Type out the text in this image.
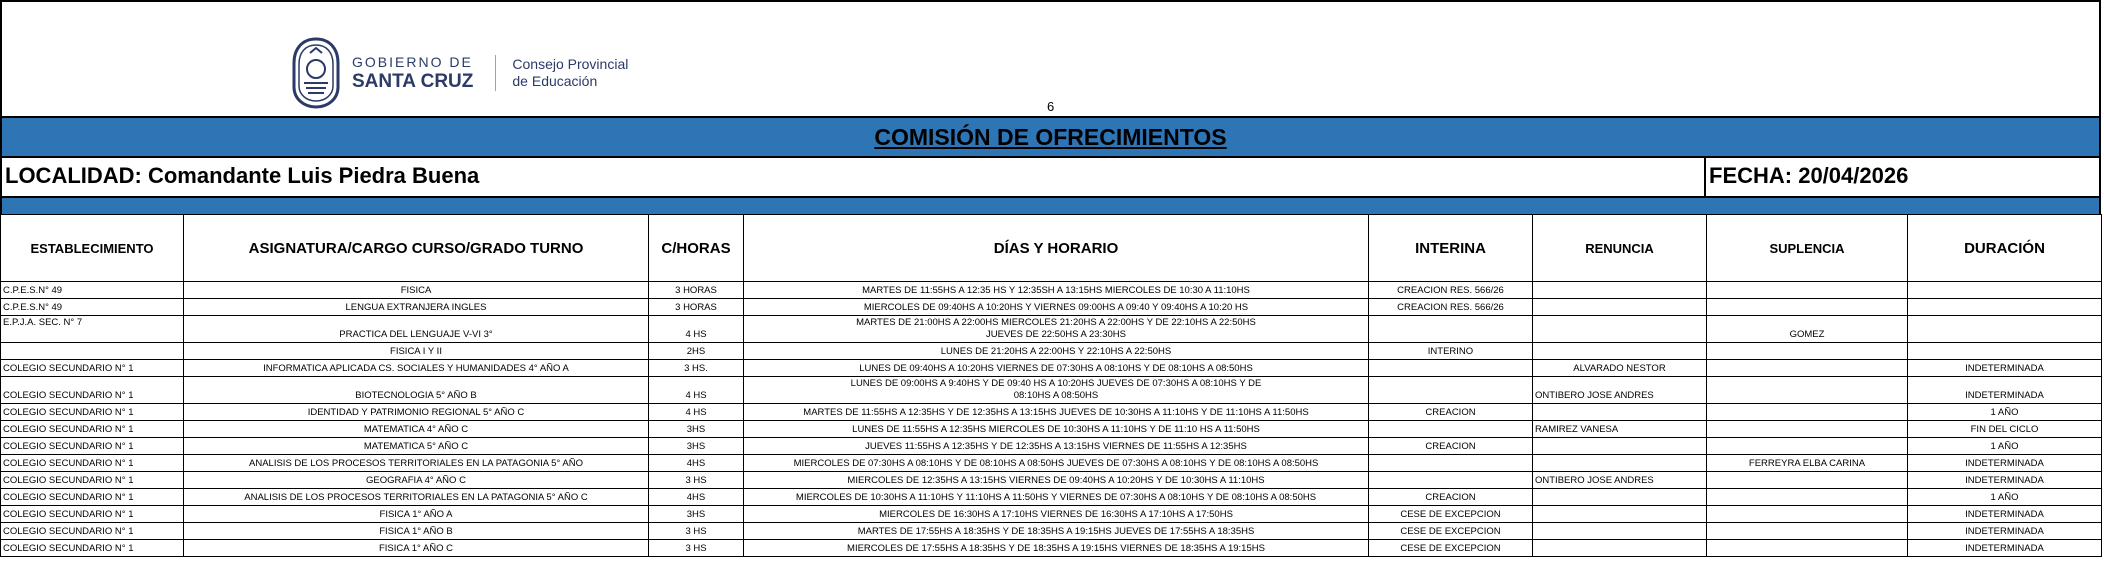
GOBIERNO DE
SANTA CRUZ
Consejo Provincial
de Educación
6
COMISIÓN DE OFRECIMIENTOS
LOCALIDAD: Comandante Luis Piedra Buena	FECHA: 20/04/2026
ESTABLECIMIENTO	ASIGNATURA/CARGO CURSO/GRADO TURNO	C/HORAS	DÍAS Y HORARIO	INTERINA	RENUNCIA	SUPLENCIA	DURACIÓN
C.P.E.S.N° 49	FISICA	3 HORAS	MARTES DE 11:55HS A 12:35 HS Y 12:35SH A 13:15HS MIERCOLES DE 10:30 A 11:10HS	CREACION RES. 566/26			
C.P.E.S.N° 49	LENGUA EXTRANJERA INGLES	3 HORAS	MIERCOLES DE 09:40HS A 10:20HS Y VIERNES 09:00HS A 09:40 Y 09:40HS A 10:20 HS	CREACION RES. 566/26			
E.P.J.A. SEC. N° 7	PRACTICA DEL LENGUAJE V-VI 3°	4 HS	MARTES DE 21:00HS A 22:00HS MIERCOLES 21:20HS A 22:00HS Y DE 22:10HS A 22:50HS JUEVES DE 22:50HS A 23:30HS			GOMEZ	
	FISICA I Y II	2HS	LUNES DE 21:20HS A 22:00HS Y 22:10HS A 22:50HS	INTERINO			
COLEGIO SECUNDARIO N° 1	INFORMATICA APLICADA CS. SOCIALES Y HUMANIDADES 4° AÑO A	3 HS.	LUNES DE 09:40HS A 10:20HS VIERNES DE 07:30HS A 08:10HS Y DE 08:10HS A 08:50HS		ALVARADO NESTOR		INDETERMINADA
COLEGIO SECUNDARIO N° 1	BIOTECNOLOGIA 5° AÑO B	4 HS	LUNES DE 09:00HS A 9:40HS Y DE 09:40 HS A 10:20HS JUEVES DE 07:30HS A 08:10HS Y DE 08:10HS A 08:50HS		ONTIBERO JOSE ANDRES		INDETERMINADA
COLEGIO SECUNDARIO N° 1	IDENTIDAD Y PATRIMONIO REGIONAL 5° AÑO C	4 HS	MARTES DE 11:55HS A 12:35HS Y DE 12:35HS A 13:15HS JUEVES DE 10:30HS A 11:10HS Y DE 11:10HS A 11:50HS	CREACION			1 AÑO
COLEGIO SECUNDARIO N° 1	MATEMATICA 4° AÑO C	3HS	LUNES DE 11:55HS A 12:35HS MIERCOLES DE 10:30HS A 11:10HS Y DE 11:10 HS A 11:50HS		RAMIREZ VANESA		FIN DEL CICLO
COLEGIO SECUNDARIO N° 1	MATEMATICA 5° AÑO C	3HS	JUEVES 11:55HS A 12:35HS Y DE 12:35HS A 13:15HS VIERNES DE 11:55HS A 12:35HS	CREACION			1 AÑO
COLEGIO SECUNDARIO N° 1	ANALISIS DE LOS PROCESOS TERRITORIALES EN LA PATAGONIA 5° AÑO	4HS	MIERCOLES DE 07:30HS A 08:10HS Y DE 08:10HS A 08:50HS JUEVES DE 07:30HS A 08:10HS Y DE 08:10HS A 08:50HS			FERREYRA ELBA CARINA	INDETERMINADA
COLEGIO SECUNDARIO N° 1	GEOGRAFIA 4° AÑO C	3 HS	MIERCOLES DE 12:35HS A 13:15HS VIERNES DE 09:40HS A 10:20HS Y DE 10:30HS A 11:10HS		ONTIBERO JOSE ANDRES		INDETERMINADA
COLEGIO SECUNDARIO N° 1	ANALISIS DE LOS PROCESOS TERRITORIALES EN LA PATAGONIA 5° AÑO C	4HS	MIERCOLES DE 10:30HS A 11:10HS Y 11:10HS A 11:50HS Y VIERNES DE 07:30HS A 08:10HS Y DE 08:10HS A 08:50HS	CREACION			1 AÑO
COLEGIO SECUNDARIO N° 1	FISICA 1° AÑO A	3HS	MIERCOLES DE 16:30HS A 17:10HS VIERNES DE 16:30HS A 17:10HS A 17:50HS	CESE DE EXCEPCION			INDETERMINADA
COLEGIO SECUNDARIO N° 1	FISICA 1° AÑO B	3 HS	MARTES DE 17:55HS A 18:35HS Y DE 18:35HS A 19:15HS JUEVES DE 17:55HS A 18:35HS	CESE DE EXCEPCION			INDETERMINADA
COLEGIO SECUNDARIO N° 1	FISICA 1° AÑO C	3 HS	MIERCOLES DE 17:55HS A 18:35HS Y DE 18:35HS A 19:15HS VIERNES DE 18:35HS A 19:15HS	CESE DE EXCEPCION			INDETERMINADA
